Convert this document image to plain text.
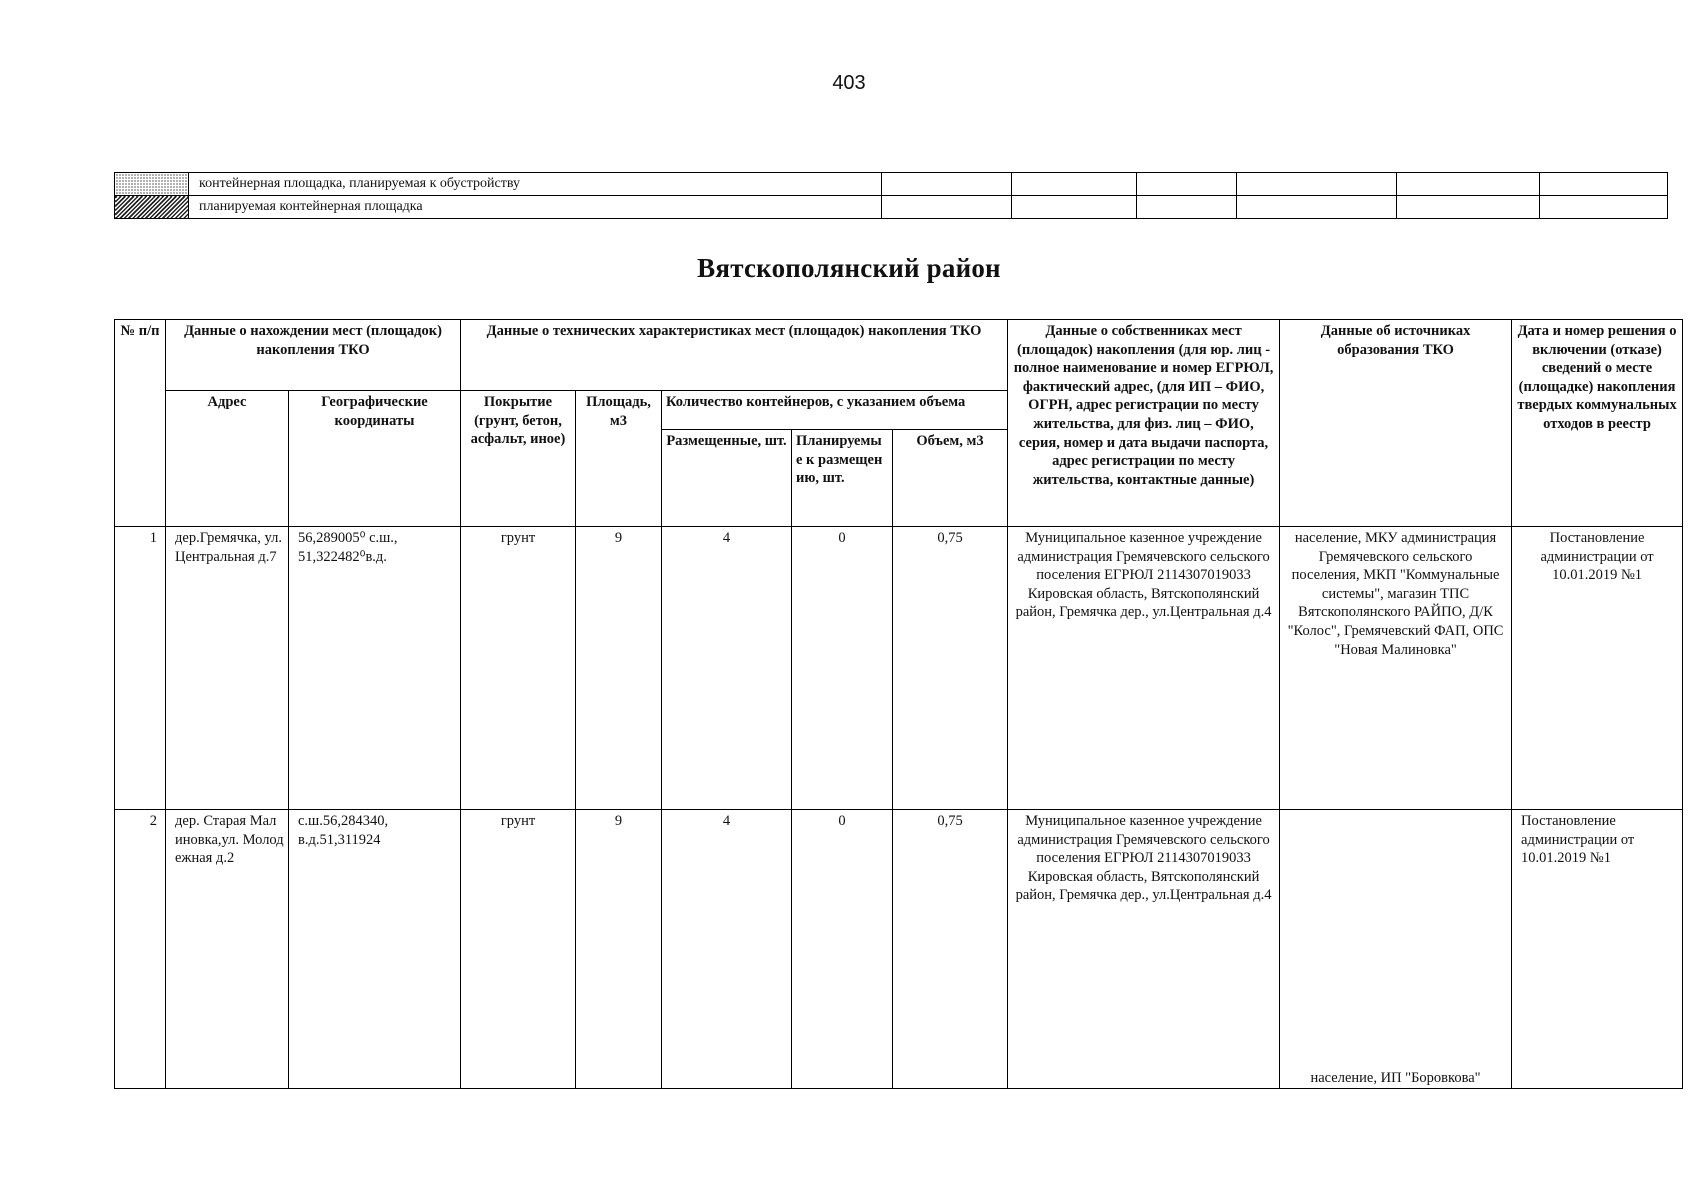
403
	контейнерная площадка, планируемая к обустройству						
	планируемая контейнерная площадка						
Вятскополянский район
№ п/п	Данные о нахождении мест (площадок) накопления ТКО		Данные о технических характеристиках мест (площадок) накопления ТКО					Данные о собственниках мест (площадок) накопления (для юр. лиц - полное наименование и номер ЕГРЮЛ, фактический адрес, (для ИП – ФИО, ОГРН, адрес регистрации по месту жительства, для физ. лиц – ФИО, серия, номер и дата выдачи паспорта, адрес регистрации по месту жительства, контактные данные)	Данные об источниках образования ТКО	Дата и номер решения о включении (отказе) сведений о месте (площадке) накопления твердых коммунальных отходов в реестр
	Адрес	Географические координаты	Покрытие (грунт, бетон, асфальт, иное)	Площадь, м3	Количество контейнеров, с указанием объема					
					Размещенные, шт.	Планируемые к размещению, шт.	Объем, м3			
1	дер.Гремячка, ул.Центральная д.7	56,289005⁰ с.ш., 51,322482⁰в.д.	грунт	9	4	0	0,75	Муниципальное казенное учреждение администрация Гремячевского сельского поселения ЕГРЮЛ 2114307019033 Кировская область, Вятскополянский район, Гремячка дер., ул.Центральная д.4	население, МКУ администрация Гремячевского сельского поселения, МКП "Коммунальные системы", магазин ТПС Вятскополянского РАЙПО, Д/К "Колос", Гремячевский ФАП, ОПС "Новая Малиновка"	Постановление администрации от 10.01.2019 №1
2	дер. Старая Малиновка,ул. Молодежная д.2	с.ш.56,284340, в.д.51,311924	грунт	9	4	0	0,75	Муниципальное казенное учреждение администрация Гремячевского сельского поселения ЕГРЮЛ 2114307019033 Кировская область, Вятскополянский район, Гремячка дер., ул.Центральная д.4	население, ИП "Боровкова"	Постановление администрации от 10.01.2019 №1
